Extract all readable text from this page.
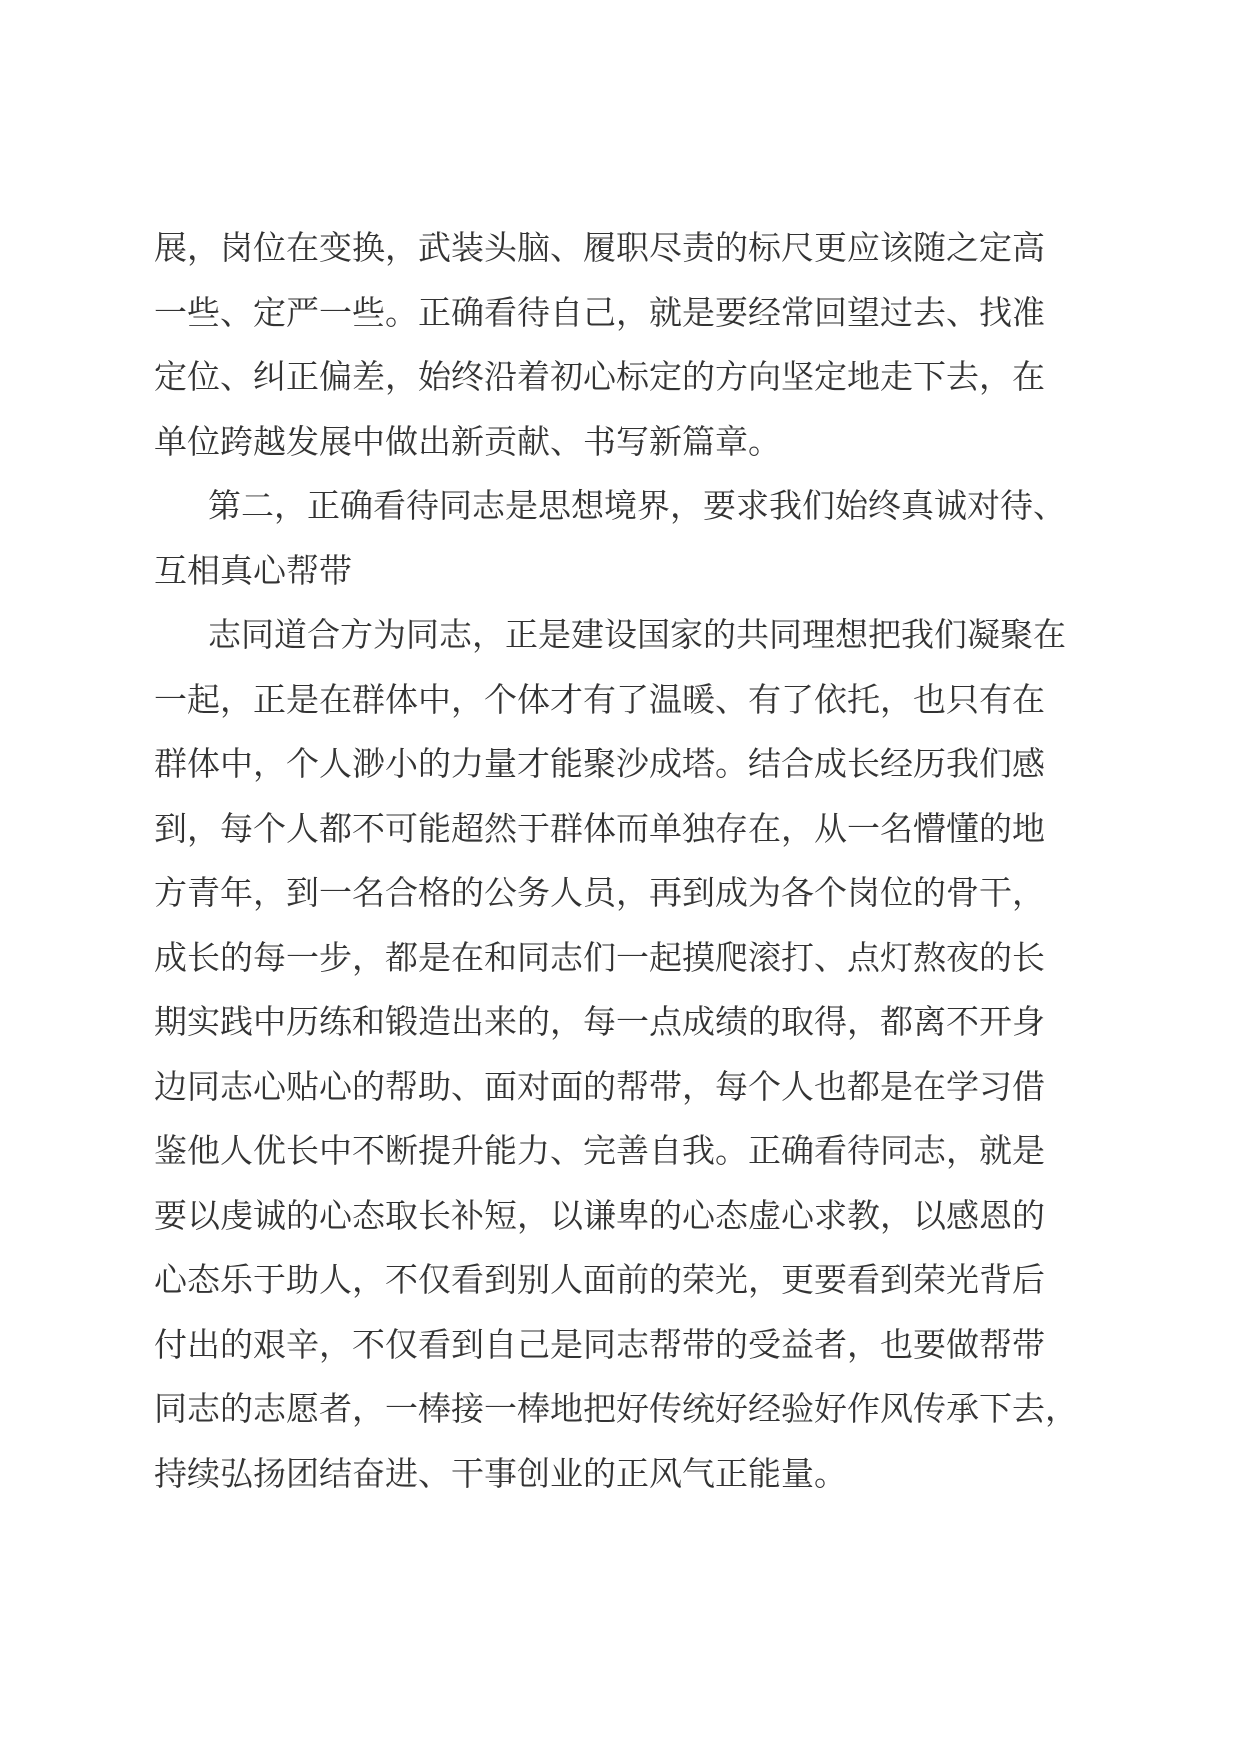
展，岗位在变换，武装头脑、履职尽责的标尺更应该随之定高
一些、定严一些。正确看待自己，就是要经常回望过去、找准
定位、纠正偏差，始终沿着初心标定的方向坚定地走下去，在
单位跨越发展中做出新贡献、书写新篇章。

第二，正确看待同志是思想境界，要求我们始终真诚对待、
互相真心帮带

志同道合方为同志，正是建设国家的共同理想把我们凝聚在
一起，正是在群体中，个体才有了温暖、有了依托，也只有在
群体中，个人渺小的力量才能聚沙成塔。结合成长经历我们感
到，每个人都不可能超然于群体而单独存在，从一名懵懂的地
方青年，到一名合格的公务人员，再到成为各个岗位的骨干，
成长的每一步，都是在和同志们一起摸爬滚打、点灯熬夜的长
期实践中历练和锻造出来的，每一点成绩的取得，都离不开身
边同志心贴心的帮助、面对面的帮带，每个人也都是在学习借
鉴他人优长中不断提升能力、完善自我。正确看待同志，就是
要以虔诚的心态取长补短，以谦卑的心态虚心求教，以感恩的
心态乐于助人，不仅看到别人面前的荣光，更要看到荣光背后
付出的艰辛，不仅看到自己是同志帮带的受益者，也要做帮带
同志的志愿者，一棒接一棒地把好传统好经验好作风传承下去，
持续弘扬团结奋进、干事创业的正风气正能量。
